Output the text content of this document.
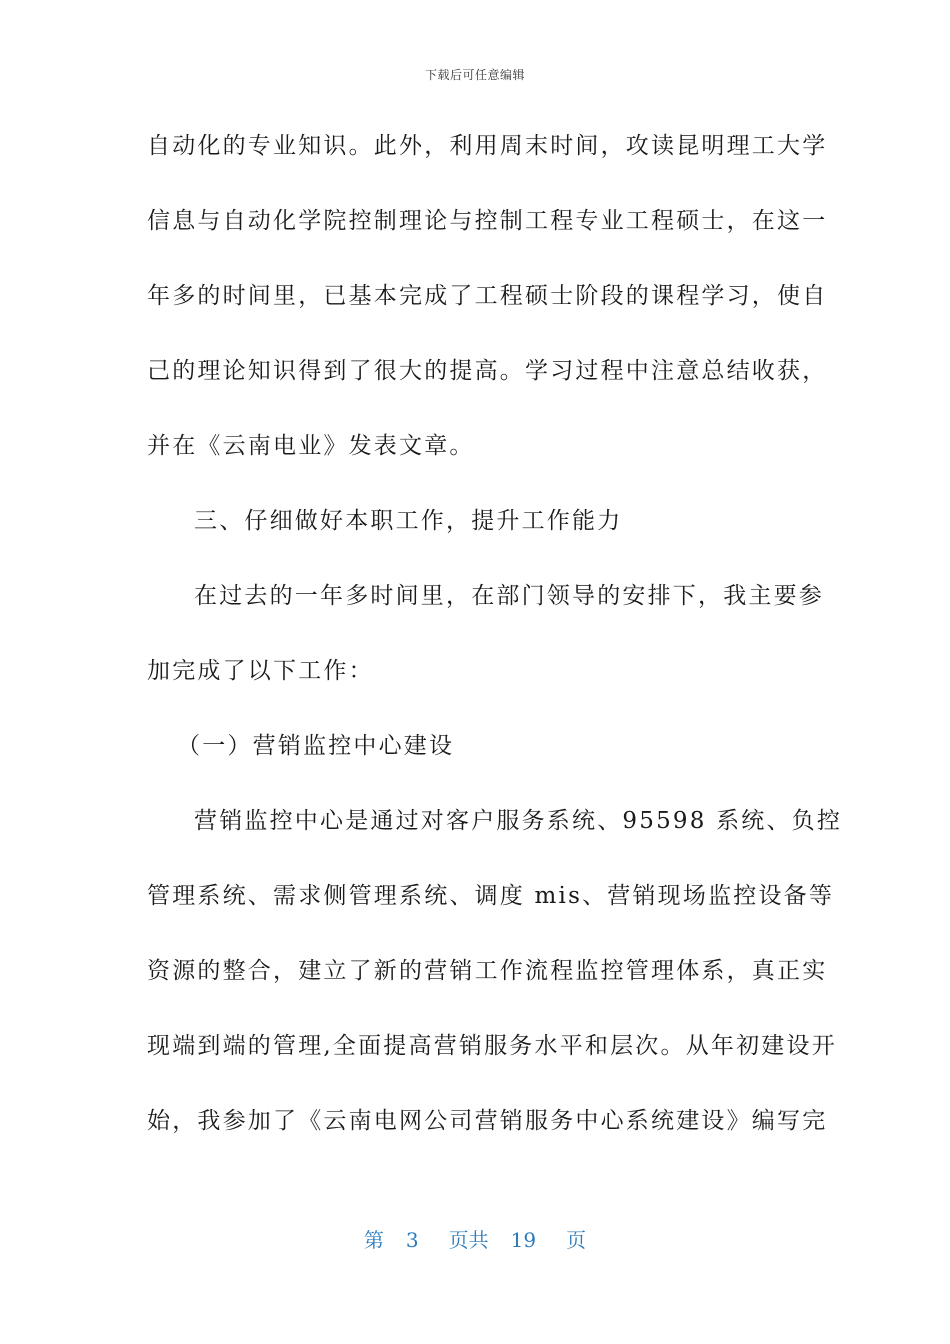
下载后可任意编辑
自动化的专业知识。此外，利用周末时间，攻读昆明理工大学
信息与自动化学院控制理论与控制工程专业工程硕士，在这一
年多的时间里，已基本完成了工程硕士阶段的课程学习，使自
己的理论知识得到了很大的提高。学习过程中注意总结收获，
并在《云南电业》发表文章。
三、仔细做好本职工作，提升工作能力
在过去的一年多时间里，在部门领导的安排下，我主要参
加完成了以下工作：
（一）营销监控中心建设
营销监控中心是通过对客户服务系统、95598 系统、负控
管理系统、需求侧管理系统、调度 mis、营销现场监控设备等
资源的整合，建立了新的营销工作流程监控管理体系，真正实
现端到端的管理,全面提高营销服务水平和层次。从年初建设开
始，我参加了《云南电网公司营销服务中心系统建设》编写完
第 3 页共 19 页
